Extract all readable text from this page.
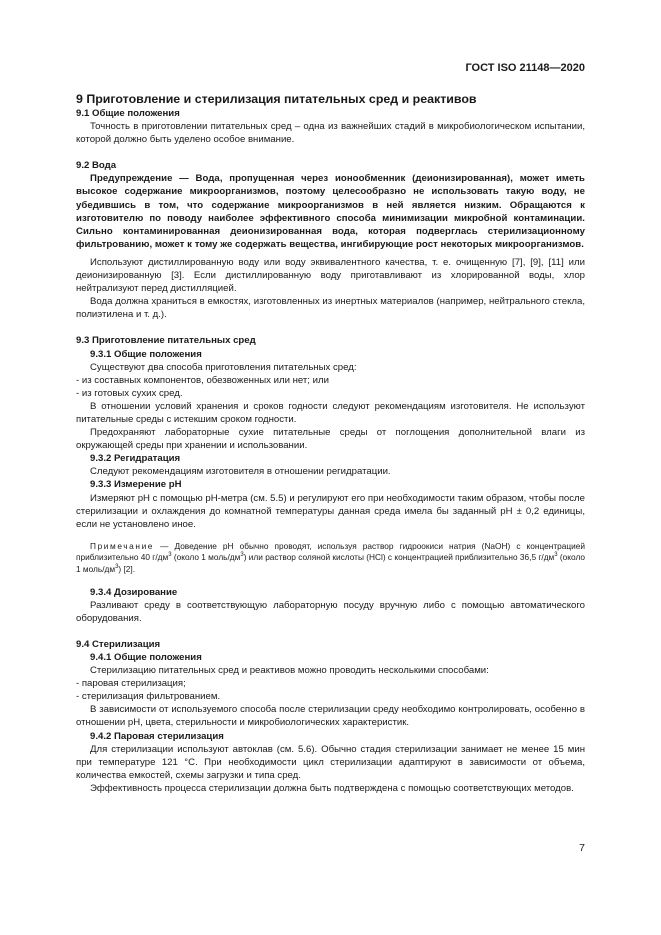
ГОСТ ISO 21148—2020

9 Приготовление и стерилизация питательных сред и реактивов

9.1 Общие положения

Точность в приготовлении питательных сред – одна из важнейших стадий в микробиологическом испытании, которой должно быть уделено особое внимание.

9.2 Вода

Предупреждение — Вода, пропущенная через ионообменник (деионизированная), может иметь высокое содержание микроорганизмов, поэтому целесообразно не использовать такую воду, не убедившись в том, что содержание микроорганизмов в ней является низким. Обращаются к изготовителю по поводу наиболее эффективного способа минимизации микробной контаминации. Сильно контаминированная деионизированная вода, которая подверглась стерилизационному фильтрованию, может к тому же содержать вещества, ингибирующие рост некоторых микроорганизмов.

Используют дистиллированную воду или воду эквивалентного качества, т. е. очищенную [7], [9], [11] или деионизированную [3]. Если дистиллированную воду приготавливают из хлорированной воды, хлор нейтрализуют перед дистилляцией.

Вода должна храниться в емкостях, изготовленных из инертных материалов (например, нейтрального стекла, полиэтилена и т. д.).

9.3 Приготовление питательных сред

9.3.1 Общие положения

Существуют два способа приготовления питательных сред:

- из составных компонентов, обезвоженных или нет; или

- из готовых сухих сред.

В отношении условий хранения и сроков годности следуют рекомендациям изготовителя. Не используют питательные среды с истекшим сроком годности.

Предохраняют лабораторные сухие питательные среды от поглощения дополнительной влаги из окружающей среды при хранении и использовании.

9.3.2 Регидратация

Следуют рекомендациям изготовителя в отношении регидратации.

9.3.3 Измерение pH

Измеряют pH с помощью pH-метра (см. 5.5) и регулируют его при необходимости таким образом, чтобы после стерилизации и охлаждения до комнатной температуры данная среда имела бы заданный pH ± 0,2 единицы, если не установлено иное.

Примечание — Доведение pH обычно проводят, используя раствор гидроокиси натрия (NaOH) с концентрацией приблизительно 40 $г/дм^3$ (около 1 моль/$дм^3$) или раствор соляной кислоты (HCl) с концентрацией приблизительно 36,5 $г/дм^3$ (около 1 моль/$дм^3$) [2].

9.3.4 Дозирование

Разливают среду в соответствующую лабораторную посуду вручную либо с помощью автоматического оборудования.

9.4 Стерилизация

9.4.1 Общие положения

Стерилизацию питательных сред и реактивов можно проводить несколькими способами:

- паровая стерилизация;

- стерилизация фильтрованием.

В зависимости от используемого способа после стерилизации среду необходимо контролировать, особенно в отношении pH, цвета, стерильности и микробиологических характеристик.

9.4.2 Паровая стерилизация

Для стерилизации используют автоклав (см. 5.6). Обычно стадия стерилизации занимает не менее 15 мин при температуре 121 °C. При необходимости цикл стерилизации адаптируют в зависимости от объема, количества емкостей, схемы загрузки и типа сред.

Эффективность процесса стерилизации должна быть подтверждена с помощью соответствующих методов.

7
